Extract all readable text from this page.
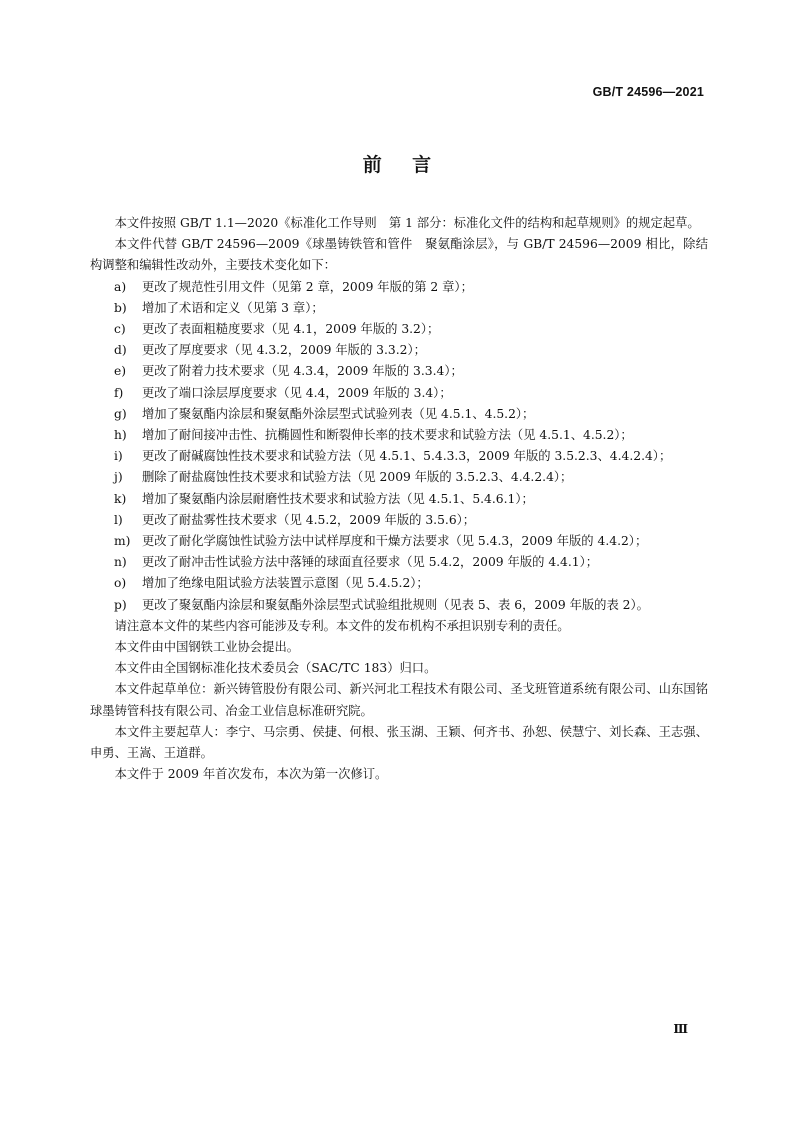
GB/T 24596—2021
前言

本文件按照 GB/T 1.1—2020《标准化工作导则　第 1 部分：标准化文件的结构和起草规则》的规定起草。

本文件代替 GB/T 24596—2009《球墨铸铁管和管件　聚氨酯涂层》，与 GB/T 24596—2009 相比，除结构调整和编辑性改动外，主要技术变化如下：

a)	更改了规范性引用文件（见第 2 章，2009 年版的第 2 章）；
b)	增加了术语和定义（见第 3 章）；
c)	更改了表面粗糙度要求（见 4.1，2009 年版的 3.2）；
d)	更改了厚度要求（见 4.3.2，2009 年版的 3.3.2）；
e)	更改了附着力技术要求（见 4.3.4，2009 年版的 3.3.4）；
f)	更改了端口涂层厚度要求（见 4.4，2009 年版的 3.4）；
g)	增加了聚氨酯内涂层和聚氨酯外涂层型式试验列表（见 4.5.1、4.5.2）；
h)	增加了耐间接冲击性、抗椭圆性和断裂伸长率的技术要求和试验方法（见 4.5.1、4.5.2）；
i)	更改了耐碱腐蚀性技术要求和试验方法（见 4.5.1、5.4.3.3，2009 年版的 3.5.2.3、4.4.2.4）；
j)	删除了耐盐腐蚀性技术要求和试验方法（见 2009 年版的 3.5.2.3、4.4.2.4）；
k)	增加了聚氨酯内涂层耐磨性技术要求和试验方法（见 4.5.1、5.4.6.1）；
l)	更改了耐盐雾性技术要求（见 4.5.2，2009 年版的 3.5.6）；
m) 更改了耐化学腐蚀性试验方法中试样厚度和干燥方法要求（见 5.4.3，2009 年版的 4.4.2）；
n)	更改了耐冲击性试验方法中落锤的球面直径要求（见 5.4.2，2009 年版的 4.4.1）；
o)	增加了绝缘电阻试验方法装置示意图（见 5.4.5.2）；
p)	更改了聚氨酯内涂层和聚氨酯外涂层型式试验组批规则（见表 5、表 6，2009 年版的表 2）。

请注意本文件的某些内容可能涉及专利。本文件的发布机构不承担识别专利的责任。

本文件由中国钢铁工业协会提出。

本文件由全国钢标准化技术委员会（SAC/TC 183）归口。

本文件起草单位：新兴铸管股份有限公司、新兴河北工程技术有限公司、圣戈班管道系统有限公司、山东国铭球墨铸管科技有限公司、冶金工业信息标准研究院。

本文件主要起草人：李宁、马宗勇、侯捷、何根、张玉湖、王颖、何齐书、孙恕、侯慧宁、刘长森、王志强、申勇、王嵩、王道群。

本文件于 2009 年首次发布，本次为第一次修订。

Ⅲ
